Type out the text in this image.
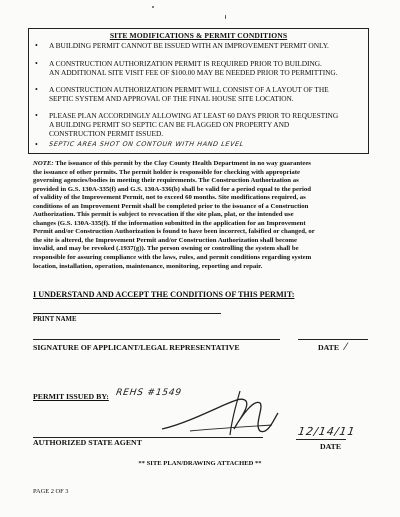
SITE MODIFICATIONS & PERMIT CONDITIONS
• A BUILDING PERMIT CANNOT BE ISSUED WITH AN IMPROVEMENT PERMIT ONLY.
• A CONSTRUCTION AUTHORIZATION PERMIT IS REQUIRED PRIOR TO BUILDING.
AN ADDITIONAL SITE VISIT FEE OF $100.00 MAY BE NEEDED PRIOR TO PERMITTING.
• A CONSTRUCTION AUTHORIZATION PERMIT WILL CONSIST OF A LAYOUT OF THE
SEPTIC SYSTEM AND APPROVAL OF THE FINAL HOUSE SITE LOCATION.
• PLEASE PLAN ACCORDINGLY ALLOWING AT LEAST 60 DAYS PRIOR TO REQUESTING
A BUILDING PERMIT SO SEPTIC CAN BE FLAGGED ON PROPERTY AND
CONSTRUCTION PERMIT ISSUED.
• SEPTIC AREA SHOT ON CONTOUR WITH HAND LEVEL
NOTE: The issuance of this permit by the Clay County Health Department in no way guarantees
the issuance of other permits. The permit holder is responsible for checking with appropriate
governing agencies/bodies in meeting their requirements. The Construction Authorization as
provided in G.S. 130A-335(f) and G.S. 130A-336(b) shall be valid for a period equal to the period
of validity of the Improvement Permit, not to exceed 60 months. Site modifications required, as
conditions of an Improvement Permit shall be completed prior to the issuance of a Construction
Authorization. This permit is subject to revocation if the site plan, plat, or the intended use
changes (G.S. 130A-335(f). If the information submitted in the application for an Improvement
Permit and/or Construction Authorization is found to have been incorrect, falsified or changed, or
the site is altered, the Improvement Permit and/or Construction Authorization shall become
invalid, and may be revoked (.1937(g)). The person owning or controlling the system shall be
responsible for assuring compliance with the laws, rules, and permit conditions regarding system
location, installation, operation, maintenance, monitoring, reporting and repair.
I UNDERSTAND AND ACCEPT THE CONDITIONS OF THIS PERMIT:
PRINT NAME
SIGNATURE OF APPLICANT/LEGAL REPRESENTATIVE	DATE /
PERMIT ISSUED BY: REHS #1549
AUTHORIZED STATE AGENT
12/14/11
DATE
** SITE PLAN/DRAWING ATTACHED **
PAGE 2 OF 3
